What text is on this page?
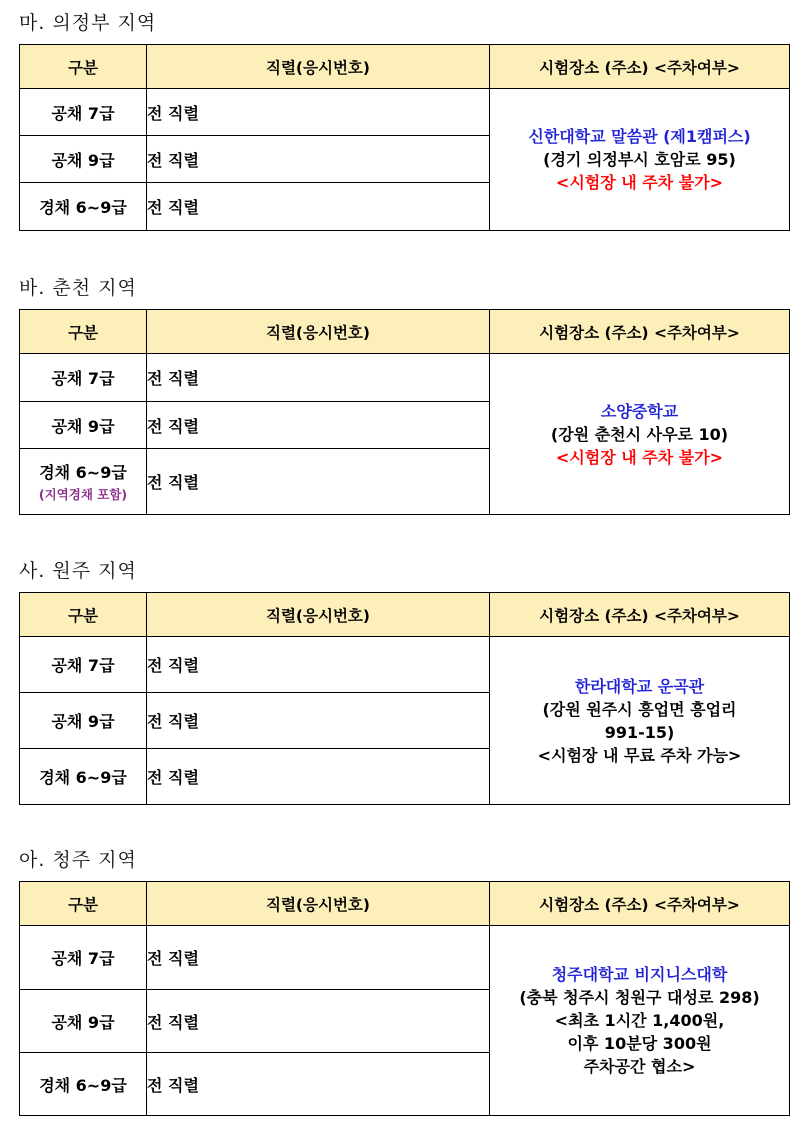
마. 의정부 지역
구분	직렬(응시번호)	시험장소 (주소) <주차여부>
공채 7급	전 직렬	신한대학교 말씀관 (제1캠퍼스)
(경기 의정부시 호암로 95)
<시험장 내 주차 불가>

공채 9급	전 직렬	
경채 6~9급	전 직렬	
바. 춘천 지역
구분	직렬(응시번호)	시험장소 (주소) <주차여부>
공채 7급	전 직렬	소양중학교
(강원 춘천시 사우로 10)
<시험장 내 주차 불가>

공채 9급	전 직렬	
경채 6~9급
(지역경채 포함)	전 직렬	
사. 원주 지역
구분	직렬(응시번호)	시험장소 (주소) <주차여부>
공채 7급	전 직렬	한라대학교 운곡관
(강원 원주시 흥업면 흥업리
991-15)
<시험장 내 무료 주차 가능>

공채 9급	전 직렬	
경채 6~9급	전 직렬	
아. 청주 지역
구분	직렬(응시번호)	시험장소 (주소) <주차여부>
공채 7급	전 직렬	청주대학교 비지니스대학
(충북 청주시 청원구 대성로 298)
<최초 1시간 1,400원,
이후 10분당 300원
주차공간 협소>

공채 9급	전 직렬	
경채 6~9급	전 직렬	
